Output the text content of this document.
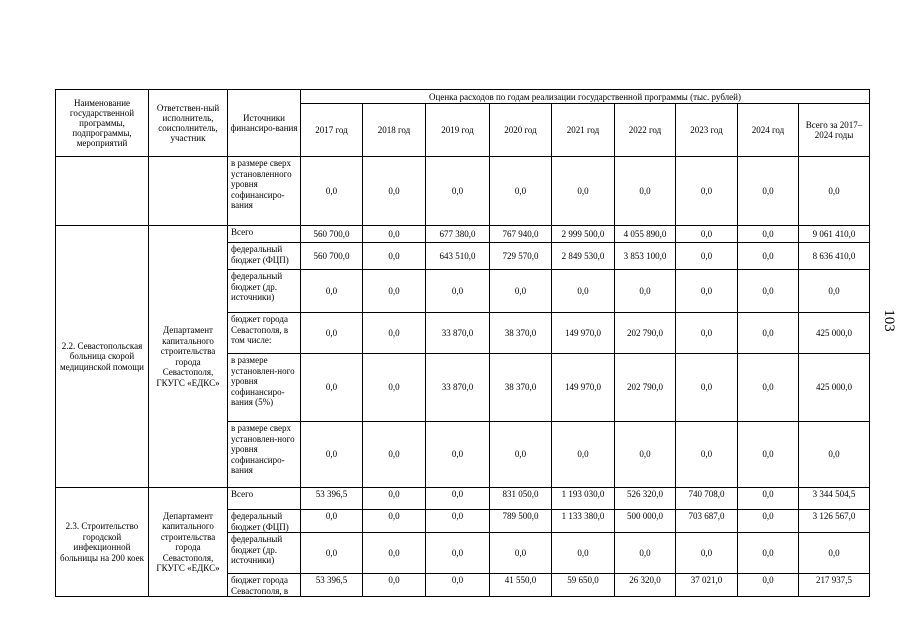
Наименование государственной программы, подпрограммы, мероприятий	Ответствен-ный исполнитель, соисполнитель, участник	Источники финансиро-вания	Оценка расходов по годам реализации государственной программы (тыс. рублей)								
			2017 год	2018 год	2019 год	2020 год	2021 год	2022 год	2023 год	2024 год	Всего за 2017–2024 годы
		в размере сверх установленного уровня софинансиро-вания	0,0	0,0	0,0	0,0	0,0	0,0	0,0	0,0	0,0
2.2. Севастопольская больница скорой медицинской помощи	Департамент капитального строительства города Севастополя, ГКУГС «ЕДКС»	Всего	560 700,0	0,0	677 380,0	767 940,0	2 999 500,0	4 055 890,0	0,0	0,0	9 061 410,0
		федеральный бюджет (ФЦП)	560 700,0	0,0	643 510,0	729 570,0	2 849 530,0	3 853 100,0	0,0	0,0	8 636 410,0
		федеральный бюджет (др. источники)	0,0	0,0	0,0	0,0	0,0	0,0	0,0	0,0	0,0
		бюджет города Севастополя, в том числе:	0,0	0,0	33 870,0	38 370,0	149 970,0	202 790,0	0,0	0,0	425 000,0
		в размере установлен-ного уровня софинансиро-вания (5%)	0,0	0,0	33 870,0	38 370,0	149 970,0	202 790,0	0,0	0,0	425 000,0
		в размере сверх установлен-ного уровня софинансиро-вания	0,0	0,0	0,0	0,0	0,0	0,0	0,0	0,0	0,0
2.3. Строительство городской инфекционной больницы на 200 коек	Департамент капитального строительства города Севастополя, ГКУГС «ЕДКС»	Всего	53 396,5	0,0	0,0	831 050,0	1 193 030,0	526 320,0	740 708,0	0,0	3 344 504,5
		федеральный бюджет (ФЦП)	0,0	0,0	0,0	789 500,0	1 133 380,0	500 000,0	703 687,0	0,0	3 126 567,0
		федеральный бюджет (др. источники)	0,0	0,0	0,0	0,0	0,0	0,0	0,0	0,0	0,0
		бюджет города Севастополя, в	53 396,5	0,0	0,0	41 550,0	59 650,0	26 320,0	37 021,0	0,0	217 937,5
103
